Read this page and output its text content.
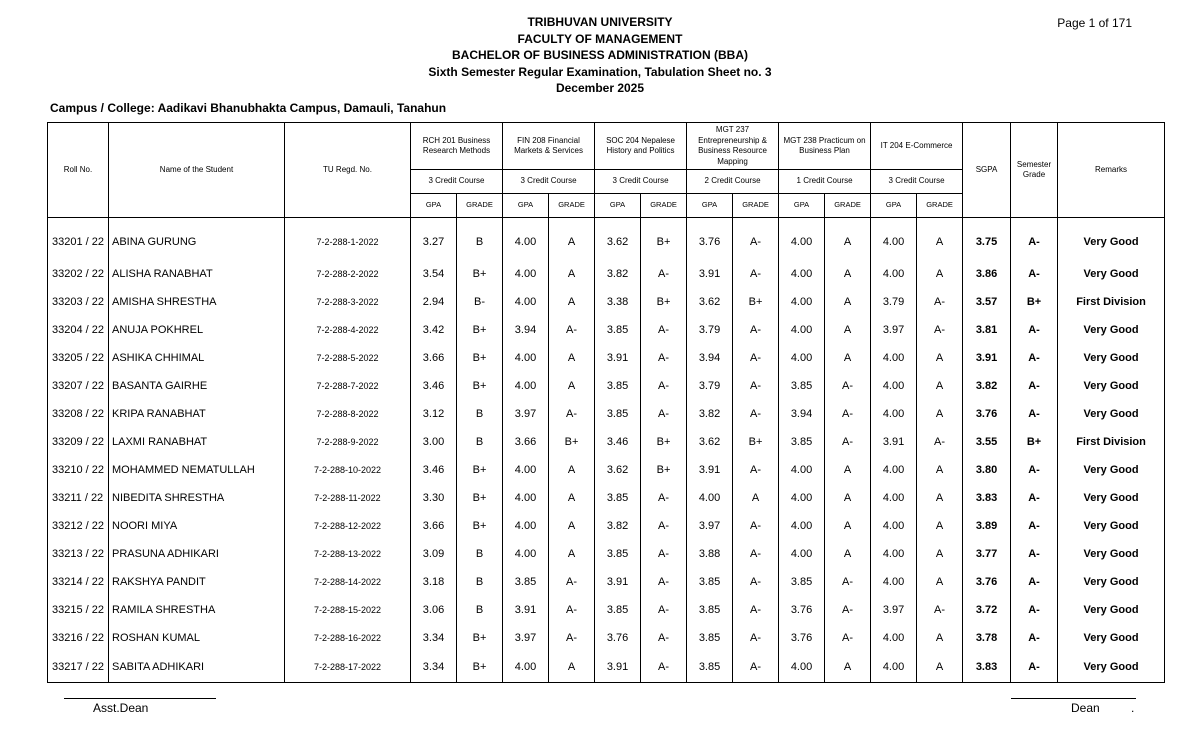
TRIBHUVAN UNIVERSITY
FACULTY OF MANAGEMENT
BACHELOR OF BUSINESS ADMINISTRATION (BBA)
Sixth Semester Regular Examination, Tabulation Sheet no. 3
December 2025
Page 1 of 171
Campus / College: Aadikavi Bhanubhakta Campus, Damauli, Tanahun
Roll No.	Name of the Student	TU Regd. No.	RCH 201 Business Research Methods		FIN 208 Financial Markets & Services		SOC 204 Nepalese History and Politics		MGT 237 Entrepreneurship & Business Resource Mapping		MGT 238 Practicum on Business Plan		IT 204 E-Commerce		SGPA	Semester Grade	Remarks
			3 Credit Course		3 Credit Course		3 Credit Course		2 Credit Course		1 Credit Course		3 Credit Course				
			GPA	GRADE	GPA	GRADE	GPA	GRADE	GPA	GRADE	GPA	GRADE	GPA	GRADE			
33201 / 22	ABINA GURUNG	7-2-288-1-2022	3.27	B	4.00	A	3.62	B+	3.76	A-	4.00	A	4.00	A	3.75	A-	Very Good
33202 / 22	ALISHA RANABHAT	7-2-288-2-2022	3.54	B+	4.00	A	3.82	A-	3.91	A-	4.00	A	4.00	A	3.86	A-	Very Good
33203 / 22	AMISHA SHRESTHA	7-2-288-3-2022	2.94	B-	4.00	A	3.38	B+	3.62	B+	4.00	A	3.79	A-	3.57	B+	First Division
33204 / 22	ANUJA POKHREL	7-2-288-4-2022	3.42	B+	3.94	A-	3.85	A-	3.79	A-	4.00	A	3.97	A-	3.81	A-	Very Good
33205 / 22	ASHIKA CHHIMAL	7-2-288-5-2022	3.66	B+	4.00	A	3.91	A-	3.94	A-	4.00	A	4.00	A	3.91	A-	Very Good
33207 / 22	BASANTA GAIRHE	7-2-288-7-2022	3.46	B+	4.00	A	3.85	A-	3.79	A-	3.85	A-	4.00	A	3.82	A-	Very Good
33208 / 22	KRIPA RANABHAT	7-2-288-8-2022	3.12	B	3.97	A-	3.85	A-	3.82	A-	3.94	A-	4.00	A	3.76	A-	Very Good
33209 / 22	LAXMI RANABHAT	7-2-288-9-2022	3.00	B	3.66	B+	3.46	B+	3.62	B+	3.85	A-	3.91	A-	3.55	B+	First Division
33210 / 22	MOHAMMED NEMATULLAH	7-2-288-10-2022	3.46	B+	4.00	A	3.62	B+	3.91	A-	4.00	A	4.00	A	3.80	A-	Very Good
33211 / 22	NIBEDITA SHRESTHA	7-2-288-11-2022	3.30	B+	4.00	A	3.85	A-	4.00	A	4.00	A	4.00	A	3.83	A-	Very Good
33212 / 22	NOORI MIYA	7-2-288-12-2022	3.66	B+	4.00	A	3.82	A-	3.97	A-	4.00	A	4.00	A	3.89	A-	Very Good
33213 / 22	PRASUNA ADHIKARI	7-2-288-13-2022	3.09	B	4.00	A	3.85	A-	3.88	A-	4.00	A	4.00	A	3.77	A-	Very Good
33214 / 22	RAKSHYA PANDIT	7-2-288-14-2022	3.18	B	3.85	A-	3.91	A-	3.85	A-	3.85	A-	4.00	A	3.76	A-	Very Good
33215 / 22	RAMILA SHRESTHA	7-2-288-15-2022	3.06	B	3.91	A-	3.85	A-	3.85	A-	3.76	A-	3.97	A-	3.72	A-	Very Good
33216 / 22	ROSHAN KUMAL	7-2-288-16-2022	3.34	B+	3.97	A-	3.76	A-	3.85	A-	3.76	A-	4.00	A	3.78	A-	Very Good
33217 / 22	SABITA ADHIKARI	7-2-288-17-2022	3.34	B+	4.00	A	3.91	A-	3.85	A-	4.00	A	4.00	A	3.83	A-	Very Good
Asst.Dean	Dean	.
